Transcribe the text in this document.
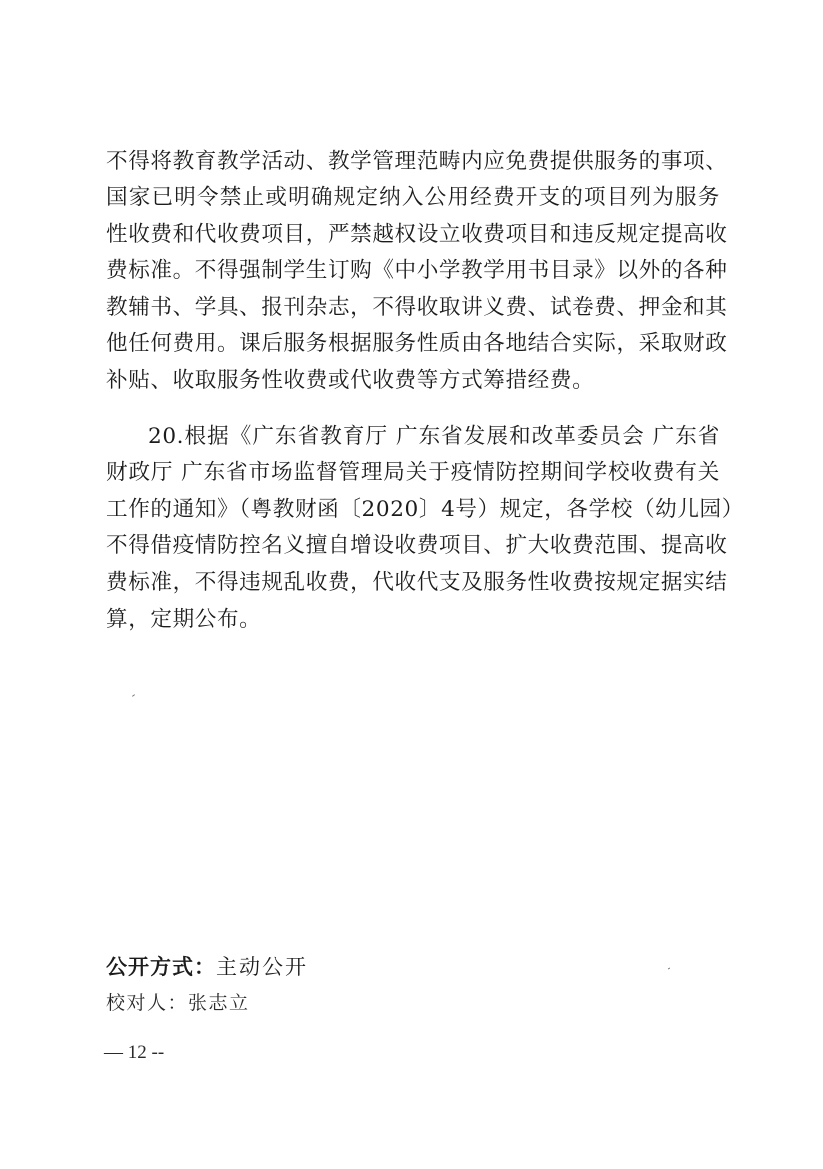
不得将教育教学活动、教学管理范畴内应免费提供服务的事项、
国家已明令禁止或明确规定纳入公用经费开支的项目列为服务
性收费和代收费项目，严禁越权设立收费项目和违反规定提高收
费标准。不得强制学生订购《中小学教学用书目录》以外的各种
教辅书、学具、报刊杂志，不得收取讲义费、试卷费、押金和其
他任何费用。课后服务根据服务性质由各地结合实际，采取财政
补贴、收取服务性收费或代收费等方式筹措经费。
20.根据《广东省教育厅 广东省发展和改革委员会 广东省
财政厅 广东省市场监督管理局关于疫情防控期间学校收费有关
工作的通知》（粤教财函〔2020〕4号）规定，各学校（幼儿园）
不得借疫情防控名义擅自增设收费项目、扩大收费范围、提高收
费标准，不得违规乱收费，代收代支及服务性收费按规定据实结
算，定期公布。
公开方式：主动公开
校对人：张志立
— 12 --
